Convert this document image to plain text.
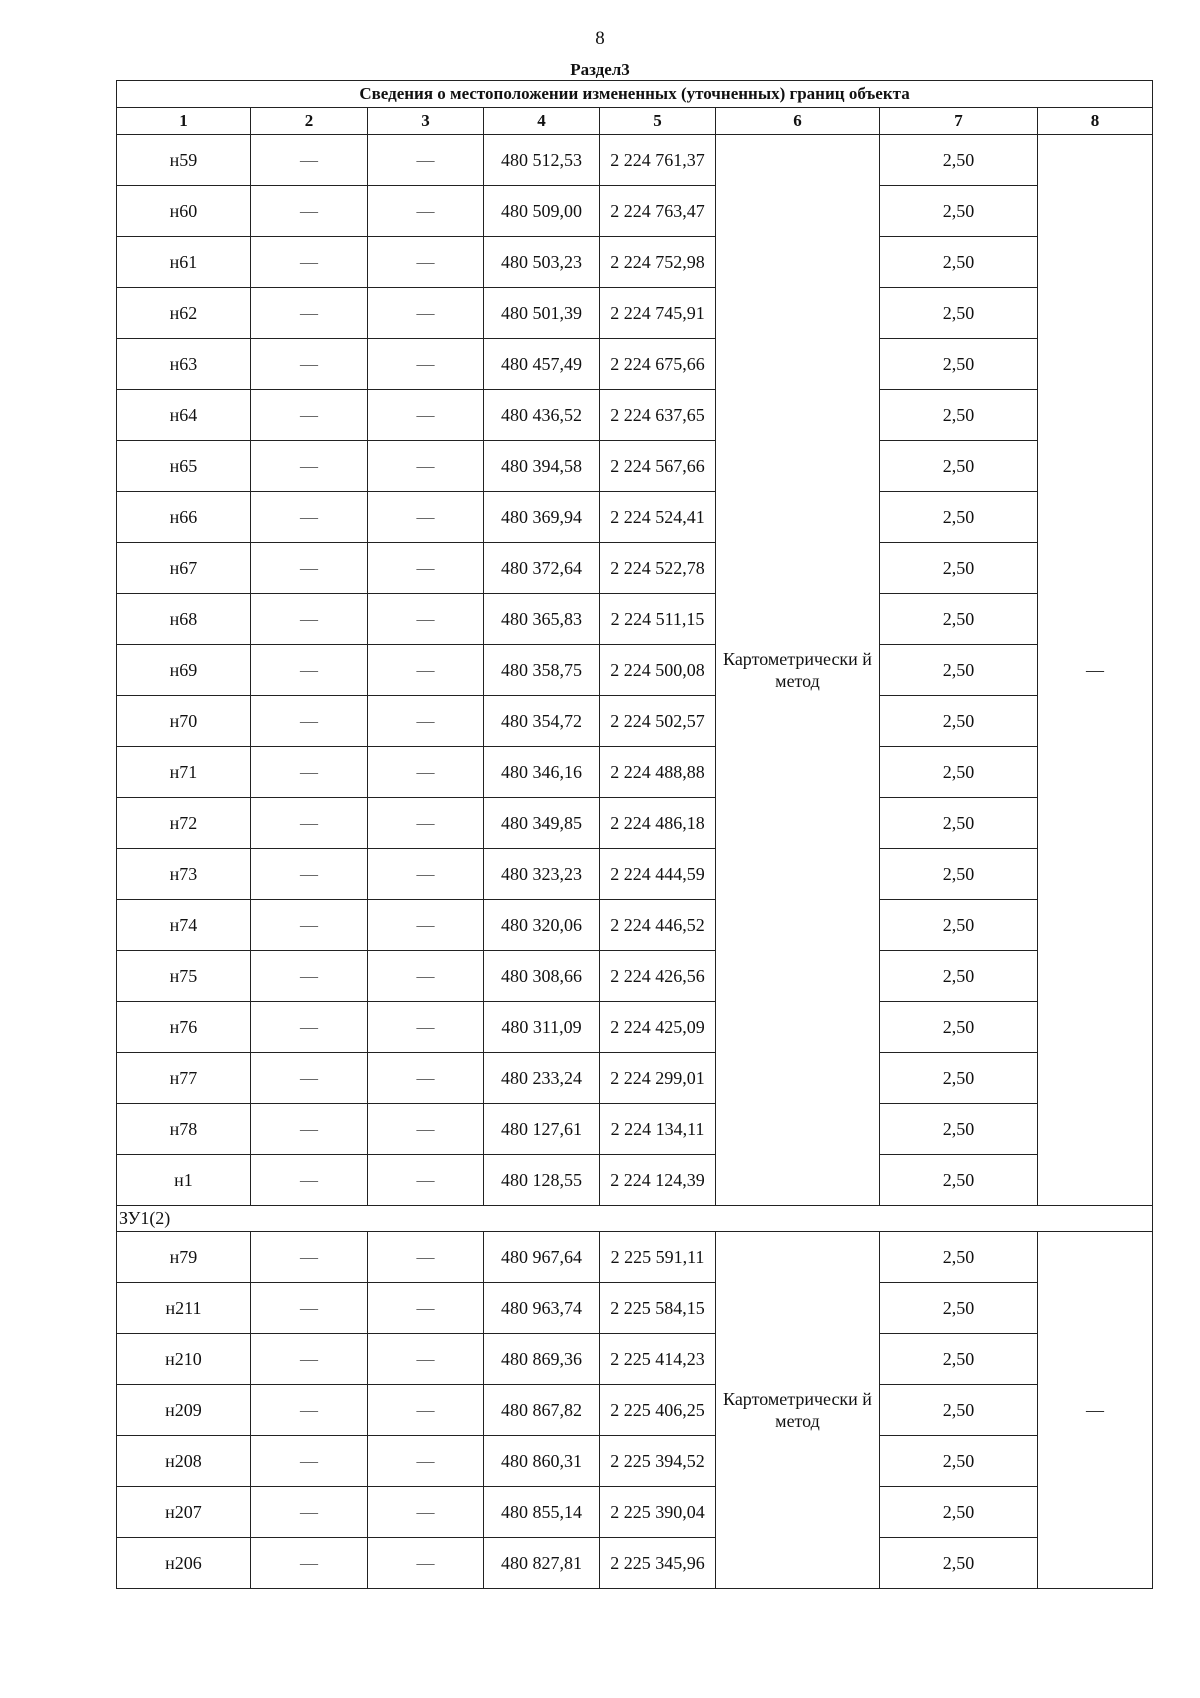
8
Раздел3
Сведения о местоположении измененных (уточненных) границ объекта							
1	2	3	4	5	6	7	8
н59	—	—	480 512,53	2 224 761,37	Картометрически й метод	2,50	—
н60	—	—	480 509,00	2 224 763,47		2,50	
н61	—	—	480 503,23	2 224 752,98		2,50	
н62	—	—	480 501,39	2 224 745,91		2,50	
н63	—	—	480 457,49	2 224 675,66		2,50	
н64	—	—	480 436,52	2 224 637,65		2,50	
н65	—	—	480 394,58	2 224 567,66		2,50	
н66	—	—	480 369,94	2 224 524,41		2,50	
н67	—	—	480 372,64	2 224 522,78		2,50	
н68	—	—	480 365,83	2 224 511,15		2,50	
н69	—	—	480 358,75	2 224 500,08		2,50	
н70	—	—	480 354,72	2 224 502,57		2,50	
н71	—	—	480 346,16	2 224 488,88		2,50	
н72	—	—	480 349,85	2 224 486,18		2,50	
н73	—	—	480 323,23	2 224 444,59		2,50	
н74	—	—	480 320,06	2 224 446,52		2,50	
н75	—	—	480 308,66	2 224 426,56		2,50	
н76	—	—	480 311,09	2 224 425,09		2,50	
н77	—	—	480 233,24	2 224 299,01		2,50	
н78	—	—	480 127,61	2 224 134,11		2,50	
н1	—	—	480 128,55	2 224 124,39		2,50	
ЗУ1(2)							
н79	—	—	480 967,64	2 225 591,11	Картометрически й метод	2,50	—
н211	—	—	480 963,74	2 225 584,15		2,50	
н210	—	—	480 869,36	2 225 414,23		2,50	
н209	—	—	480 867,82	2 225 406,25		2,50	
н208	—	—	480 860,31	2 225 394,52		2,50	
н207	—	—	480 855,14	2 225 390,04		2,50	
н206	—	—	480 827,81	2 225 345,96		2,50	
